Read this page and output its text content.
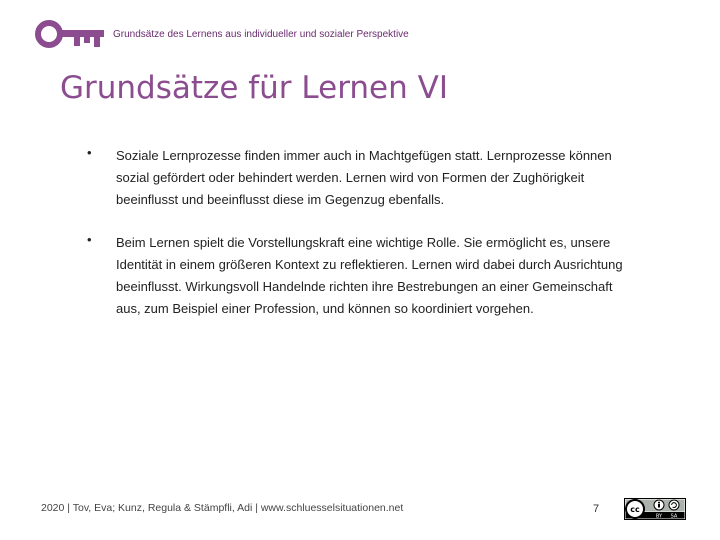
Grundsätze des Lernens aus individueller und sozialer Perspektive
Grundsätze für Lernen VI
• Soziale Lernprozesse finden immer auch in Machtgefügen statt. Lernprozesse können sozial gefördert oder behindert werden. Lernen wird von Formen der Zughörigkeit beeinflusst und beeinflusst diese im Gegenzug ebenfalls.
• Beim Lernen spielt die Vorstellungskraft eine wichtige Rolle. Sie ermöglicht es, unsere Identität in einem größeren Kontext zu reflektieren. Lernen wird dabei durch Ausrichtung beeinflusst. Wirkungsvoll Handelnde richten ihre Bestrebungen an einer Gemeinschaft aus, zum Beispiel einer Profession, und können so koordiniert vorgehen.
2020 | Tov, Eva; Kunz, Regula & Stämpfli, Adi | www.schluesselsituationen.net	7	cc
BY SA
